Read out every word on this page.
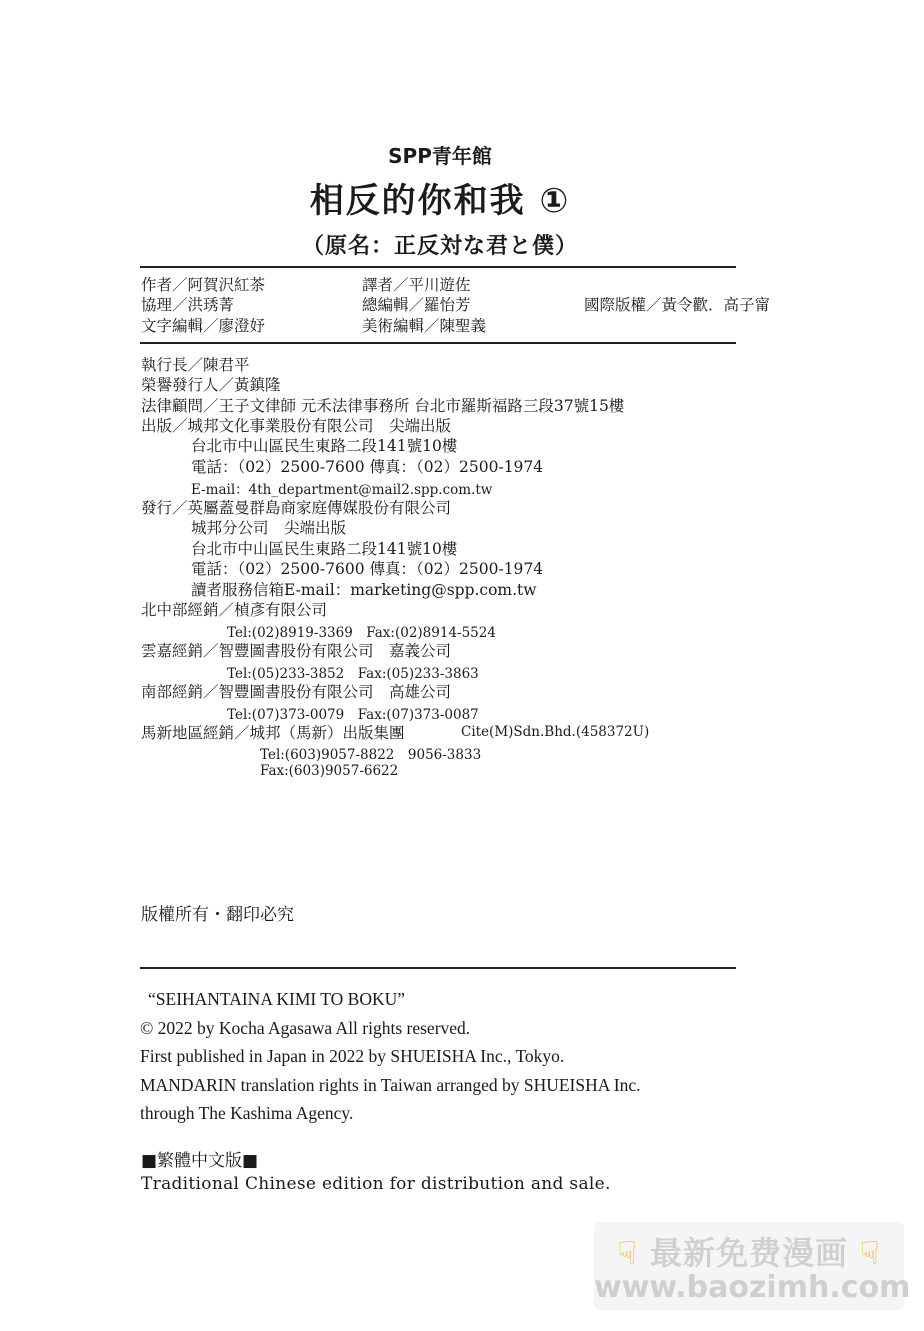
SPP青年館
相反的你和我 ①
（原名：正反対な君と僕）
作者／阿賀沢紅茶	譯者／平川遊佐
協理／洪琇菁	總編輯／羅怡芳	國際版權／黃令歡．高子甯
文字編輯／廖澄妤	美術編輯／陳聖義
執行長／陳君平
榮譽發行人／黃鎮隆
法律顧問／王子文律師 元禾法律事務所 台北市羅斯福路三段37號15樓
出版／城邦文化事業股份有限公司　尖端出版
台北市中山區民生東路二段141號10樓
電話：（02）2500-7600 傳真：（02）2500-1974
E-mail：4th_department@mail2.spp.com.tw
發行／英屬蓋曼群島商家庭傳媒股份有限公司
城邦分公司　尖端出版
台北市中山區民生東路二段141號10樓
電話：（02）2500-7600 傳真：（02）2500-1974
讀者服務信箱E-mail：marketing@spp.com.tw
北中部經銷／楨彥有限公司
Tel:(02)8919-3369　Fax:(02)8914-5524
雲嘉經銷／智豐圖書股份有限公司　嘉義公司
Tel:(05)233-3852　Fax:(05)233-3863
南部經銷／智豐圖書股份有限公司　高雄公司
Tel:(07)373-0079　Fax:(07)373-0087
馬新地區經銷／城邦（馬新）出版集團	Cite(M)Sdn.Bhd.(458372U)
Tel:(603)9057-8822　9056-3833
Fax:(603)9057-6622
版權所有・翻印必究
“SEIHANTAINA KIMI TO BOKU”
© 2022 by Kocha Agasawa All rights reserved.
First published in Japan in 2022 by SHUEISHA Inc., Tokyo.
MANDARIN translation rights in Taiwan arranged by SHUEISHA Inc.
through The Kashima Agency.
■繁體中文版■
Traditional Chinese edition for distribution and sale.
☟ 最新免费漫画 ☟
www.baozimh.com
